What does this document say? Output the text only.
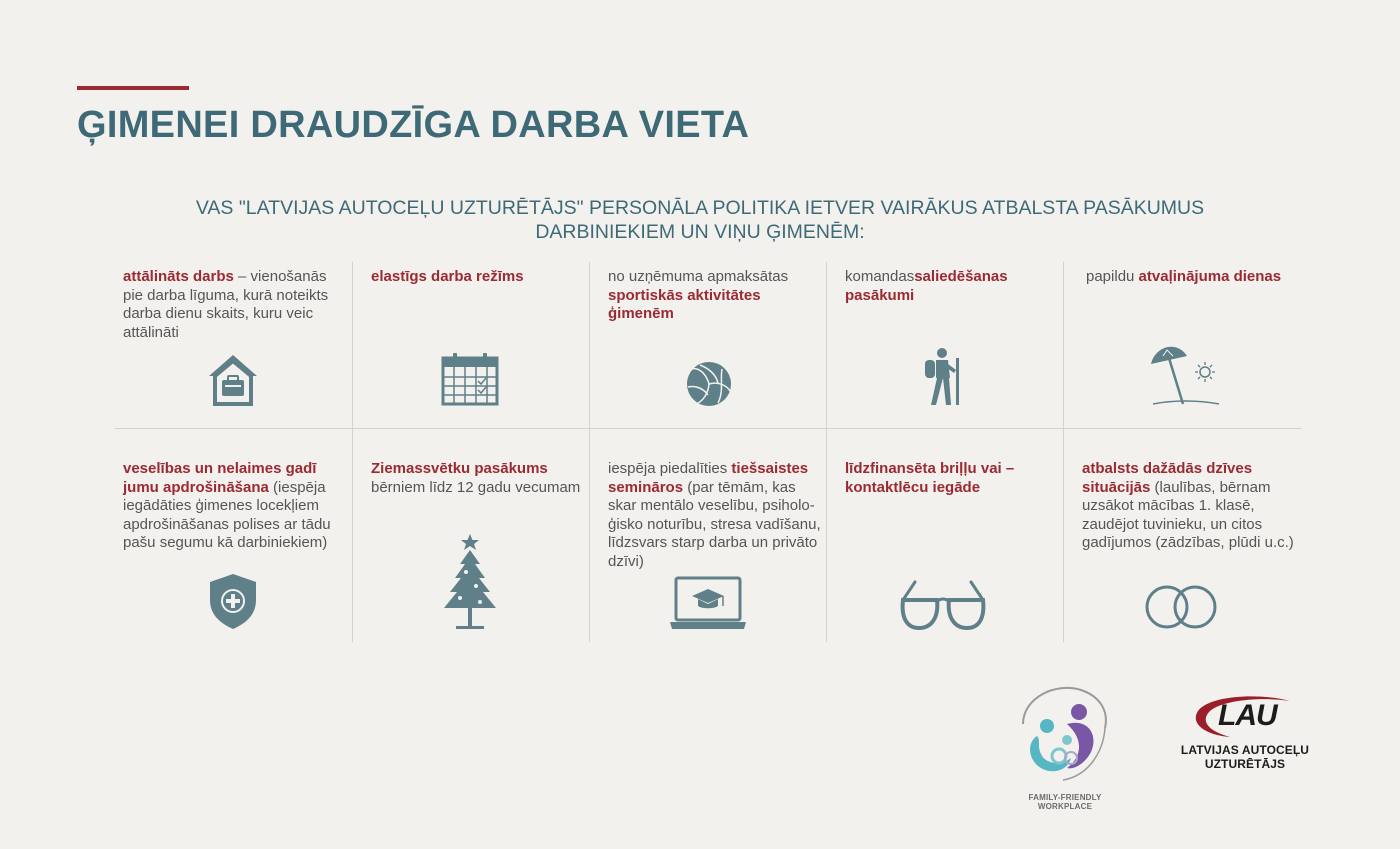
ĢIMENEI DRAUDZĪGA DARBA VIETA

VAS "LATVIJAS AUTOCEĻU UZTURĒTĀJS" PERSONĀLA POLITIKA IETVER VAIRĀKUS ATBALSTA PASĀKUMUS
DARBINIEKIEM UN VIŅU ĢIMENĒM:

attālināts darbs – vienošanās pie darba līguma, kurā noteikts darba dienu skaits, kuru veic attālināti
elastīgs darba režīms	no uzņēmuma apmaksātas sportiskās aktivitātes ģimenēm
komandassaliedēšanas pasākumi
papildu atvaļinājuma dienas
veselības un nelaimes gadī jumu apdrošināšana (iespēja iegādāties ģimenes locekļiem apdrošināšanas polises ar tādu pašu segumu kā darbiniekiem)
Ziemassvētku pasākums bērniem līdz 12 gadu vecumam
iespēja piedalīties tiešsaistes semināros (par tēmām, kas skar mentālo veselību, psiholo-ģisko noturību, stresa vadīšanu, līdzsvars starp darba un privāto dzīvi)
līdzfinansēta briļļu vai – kontaktlēcu iegāde
atbalsts dažādās dzīves situācijās (laulības, bērnam uzsākot mācības 1. klasē, zaudējot tuvinieku, un citos gadījumos (zādzības, plūdi u.c.)
FAMILY-FRIENDLY
WORKPLACE
LAU
LATVIJAS AUTOCEĻU UZTURĒTĀJS
